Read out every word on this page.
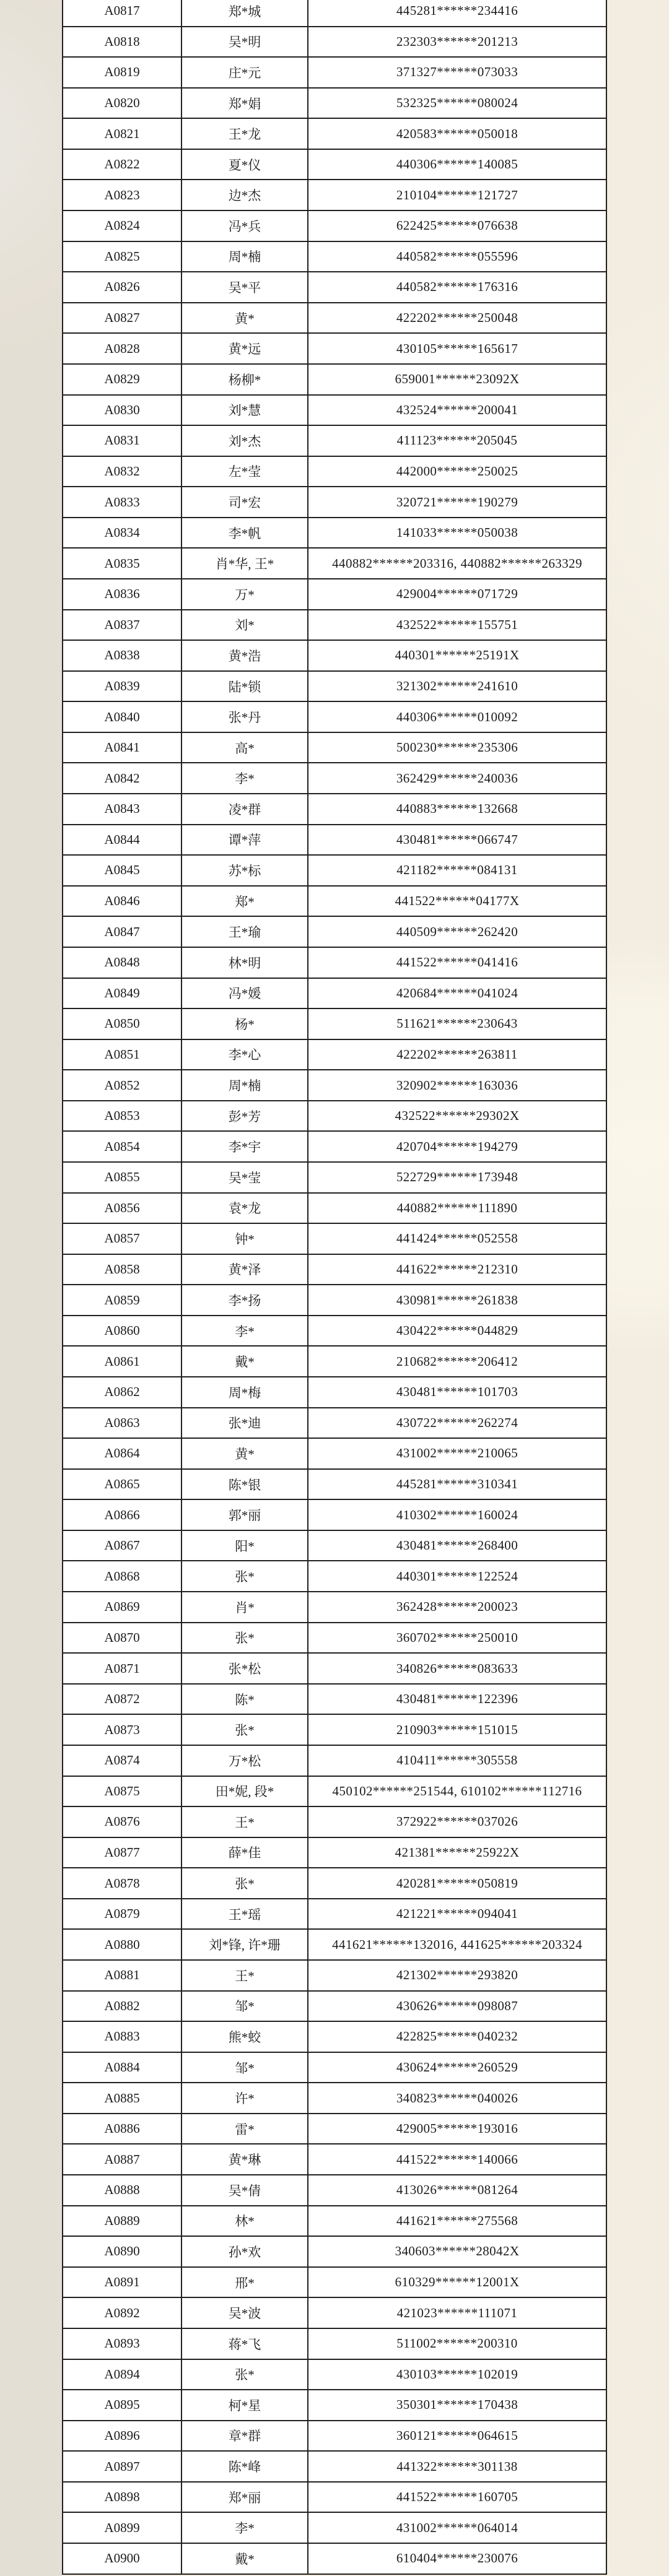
A0817	郑*城	445281******234416
A0818	吴*明	232303******201213
A0819	庄*元	371327******073033
A0820	郑*娟	532325******080024
A0821	王*龙	420583******050018
A0822	夏*仪	440306******140085
A0823	边*杰	210104******121727
A0824	冯*兵	622425******076638
A0825	周*楠	440582******055596
A0826	吴*平	440582******176316
A0827	黄*	422202******250048
A0828	黄*远	430105******165617
A0829	杨柳*	659001******23092X
A0830	刘*慧	432524******200041
A0831	刘*杰	411123******205045
A0832	左*莹	442000******250025
A0833	司*宏	320721******190279
A0834	李*帆	141033******050038
A0835	肖*华, 王*	440882******203316, 440882******263329
A0836	万*	429004******071729
A0837	刘*	432522******155751
A0838	黄*浩	440301******25191X
A0839	陆*锁	321302******241610
A0840	张*丹	440306******010092
A0841	高*	500230******235306
A0842	李*	362429******240036
A0843	凌*群	440883******132668
A0844	谭*萍	430481******066747
A0845	苏*标	421182******084131
A0846	郑*	441522******04177X
A0847	王*瑜	440509******262420
A0848	林*明	441522******041416
A0849	冯*媛	420684******041024
A0850	杨*	511621******230643
A0851	李*心	422202******263811
A0852	周*楠	320902******163036
A0853	彭*芳	432522******29302X
A0854	李*宇	420704******194279
A0855	吴*莹	522729******173948
A0856	袁*龙	440882******111890
A0857	钟*	441424******052558
A0858	黄*泽	441622******212310
A0859	李*扬	430981******261838
A0860	李*	430422******044829
A0861	戴*	210682******206412
A0862	周*梅	430481******101703
A0863	张*迪	430722******262274
A0864	黄*	431002******210065
A0865	陈*银	445281******310341
A0866	郭*丽	410302******160024
A0867	阳*	430481******268400
A0868	张*	440301******122524
A0869	肖*	362428******200023
A0870	张*	360702******250010
A0871	张*松	340826******083633
A0872	陈*	430481******122396
A0873	张*	210903******151015
A0874	万*松	410411******305558
A0875	田*妮, 段*	450102******251544, 610102******112716
A0876	王*	372922******037026
A0877	薛*佳	421381******25922X
A0878	张*	420281******050819
A0879	王*瑶	421221******094041
A0880	刘*锋, 许*珊	441621******132016, 441625******203324
A0881	王*	421302******293820
A0882	邹*	430626******098087
A0883	熊*蛟	422825******040232
A0884	邹*	430624******260529
A0885	许*	340823******040026
A0886	雷*	429005******193016
A0887	黄*琳	441522******140066
A0888	吴*倩	413026******081264
A0889	林*	441621******275568
A0890	孙*欢	340603******28042X
A0891	邢*	610329******12001X
A0892	吴*波	421023******111071
A0893	蒋*飞	511002******200310
A0894	张*	430103******102019
A0895	柯*星	350301******170438
A0896	章*群	360121******064615
A0897	陈*峰	441322******301138
A0898	郑*丽	441522******160705
A0899	李*	431002******064014
A0900	戴*	610404******230076
